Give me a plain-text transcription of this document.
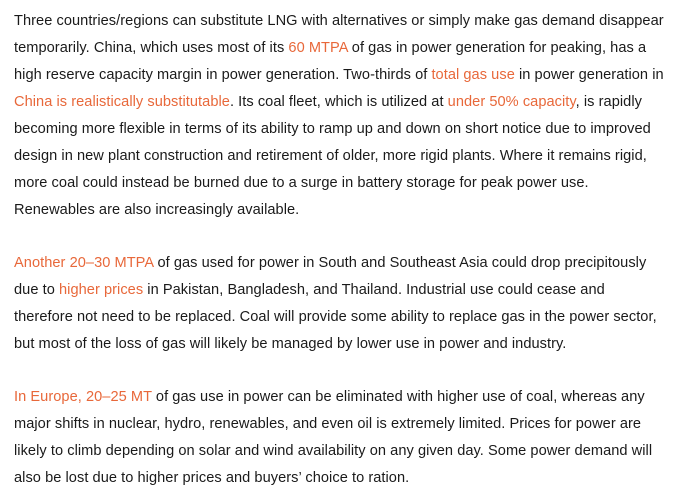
Three countries/regions can substitute LNG with alternatives or simply make gas demand disappear temporarily. China, which uses most of its 60 MTPA of gas in power generation for peaking, has a high reserve capacity margin in power generation. Two-thirds of total gas use in power generation in China is realistically substitutable. Its coal fleet, which is utilized at under 50% capacity, is rapidly becoming more flexible in terms of its ability to ramp up and down on short notice due to improved design in new plant construction and retirement of older, more rigid plants. Where it remains rigid, more coal could instead be burned due to a surge in battery storage for peak power use. Renewables are also increasingly available.

Another 20–30 MTPA of gas used for power in South and Southeast Asia could drop precipitously due to higher prices in Pakistan, Bangladesh, and Thailand. Industrial use could cease and therefore not need to be replaced. Coal will provide some ability to replace gas in the power sector, but most of the loss of gas will likely be managed by lower use in power and industry.

In Europe, 20–25 MT of gas use in power can be eliminated with higher use of coal, whereas any major shifts in nuclear, hydro, renewables, and even oil is extremely limited. Prices for power are likely to climb depending on solar and wind availability on any given day. Some power demand will also be lost due to higher prices and buyers’ choice to ration.
